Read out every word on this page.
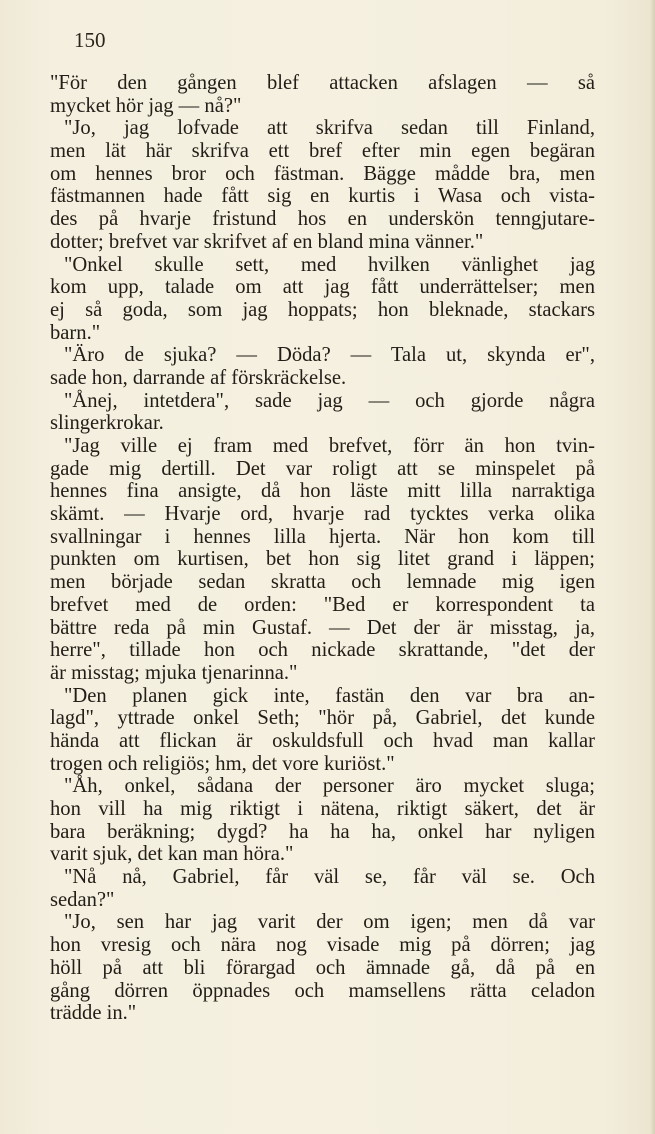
150
"För den gången blef attacken afslagen — så
mycket hör jag — nå?"
"Jo, jag lofvade att skrifva sedan till Finland,
men lät här skrifva ett bref efter min egen begäran
om hennes bror och fästman. Bägge mådde bra, men
fästmannen hade fått sig en kurtis i Wasa och vista-
des på hvarje fristund hos en underskön tenngjutare-
dotter; brefvet var skrifvet af en bland mina vänner."
"Onkel skulle sett, med hvilken vänlighet jag
kom upp, talade om att jag fått underrättelser; men
ej så goda, som jag hoppats; hon bleknade, stackars
barn."
"Äro de sjuka? — Döda? — Tala ut, skynda er",
sade hon, darrande af förskräckelse.
"Ånej, intetdera", sade jag — och gjorde några
slingerkrokar.
"Jag ville ej fram med brefvet, förr än hon tvin-
gade mig dertill. Det var roligt att se minspelet på
hennes fina ansigte, då hon läste mitt lilla narraktiga
skämt. — Hvarje ord, hvarje rad tycktes verka olika
svallningar i hennes lilla hjerta. När hon kom till
punkten om kurtisen, bet hon sig litet grand i läppen;
men började sedan skratta och lemnade mig igen
brefvet med de orden: "Bed er korrespondent ta
bättre reda på min Gustaf. — Det der är misstag, ja,
herre", tillade hon och nickade skrattande, "det der
är misstag; mjuka tjenarinna."
"Den planen gick inte, fastän den var bra an-
lagd", yttrade onkel Seth; "hör på, Gabriel, det kunde
hända att flickan är oskuldsfull och hvad man kallar
trogen och religiös; hm, det vore kuriöst."
"Åh, onkel, sådana der personer äro mycket sluga;
hon vill ha mig riktigt i nätena, riktigt säkert, det är
bara beräkning; dygd? ha ha ha, onkel har nyligen
varit sjuk, det kan man höra."
"Nå nå, Gabriel, får väl se, får väl se. Och
sedan?"
"Jo, sen har jag varit der om igen; men då var
hon vresig och nära nog visade mig på dörren; jag
höll på att bli förargad och ämnade gå, då på en
gång dörren öppnades och mamsellens rätta celadon
trädde in."
